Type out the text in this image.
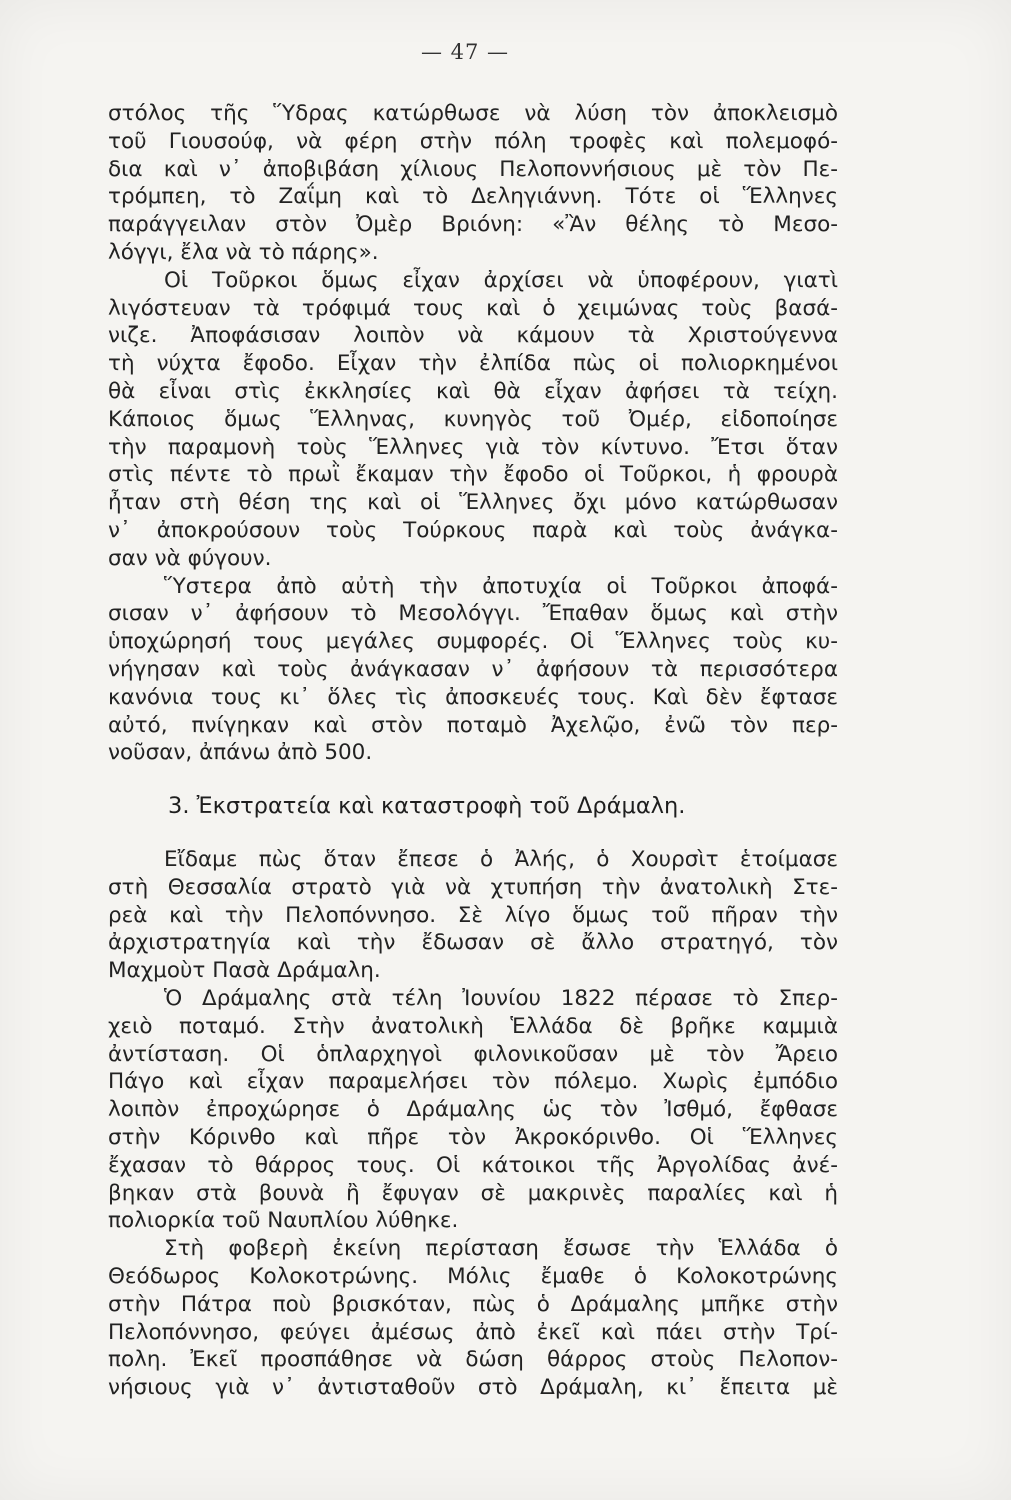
— 47 —
στόλος τῆς Ὕδρας κατώρθωσε νὰ λύση τὸν ἀποκλεισμὸ
τοῦ Γιουσούφ, νὰ φέρη στὴν πόλη τροφὲς καὶ πολεμοφό-
δια καὶ ν᾽ ἀποβιβάση χίλιους Πελοποννήσιους μὲ τὸν Πε-
τρόμπεη, τὸ Ζαΐμη καὶ τὸ Δεληγιάννη. Τότε οἱ Ἕλληνες
παράγγειλαν στὸν Ὀμὲρ Βριόνη: «Ἂν θέλης τὸ Μεσο-
λόγγι, ἔλα νὰ τὸ πάρης».
Οἱ Τοῦρκοι ὅμως εἶχαν ἀρχίσει νὰ ὑποφέρουν, γιατὶ
λιγόστευαν τὰ τρόφιμά τους καὶ ὁ χειμώνας τοὺς βασά-
νιζε. Ἀποφάσισαν λοιπὸν νὰ κάμουν τὰ Χριστούγεννα
τὴ νύχτα ἔφοδο. Εἶχαν τὴν ἐλπίδα πὼς οἱ πολιορκημένοι
θὰ εἶναι στὶς ἐκκλησίες καὶ θὰ εἶχαν ἀφήσει τὰ τείχη.
Κάποιος ὅμως Ἕλληνας, κυνηγὸς τοῦ Ὀμέρ, εἰδοποίησε
τὴν παραμονὴ τοὺς Ἕλληνες γιὰ τὸν κίντυνο. Ἔτσι ὅταν
στὶς πέντε τὸ πρωῒ ἔκαμαν τὴν ἔφοδο οἱ Τοῦρκοι, ἡ φρουρὰ
ἦταν στὴ θέση της καὶ οἱ Ἕλληνες ὄχι μόνο κατώρθωσαν
ν᾽ ἀποκρούσουν τοὺς Τούρκους παρὰ καὶ τοὺς ἀνάγκα-
σαν νὰ φύγουν.
Ὕστερα ἀπὸ αὐτὴ τὴν ἀποτυχία οἱ Τοῦρκοι ἀποφά-
σισαν ν᾽ ἀφήσουν τὸ Μεσολόγγι. Ἔπαθαν ὅμως καὶ στὴν
ὑποχώρησή τους μεγάλες συμφορές. Οἱ Ἕλληνες τοὺς κυ-
νήγησαν καὶ τοὺς ἀνάγκασαν ν᾽ ἀφήσουν τὰ περισσότερα
κανόνια τους κι᾽ ὅλες τὶς ἀποσκευές τους. Καὶ δὲν ἔφτασε
αὐτό, πνίγηκαν καὶ στὸν ποταμὸ Ἀχελῷο, ἐνῶ τὸν περ-
νοῦσαν, ἀπάνω ἀπὸ 500.
3. Ἐκστρατεία καὶ καταστροφὴ τοῦ Δράμαλη.
Εἴδαμε πὼς ὅταν ἔπεσε ὁ Ἀλής, ὁ Χουρσὶτ ἑτοίμασε
στὴ Θεσσαλία στρατὸ γιὰ νὰ χτυπήση τὴν ἀνατολικὴ Στε-
ρεὰ καὶ τὴν Πελοπόννησο. Σὲ λίγο ὅμως τοῦ πῆραν τὴν
ἀρχιστρατηγία καὶ τὴν ἔδωσαν σὲ ἄλλο στρατηγό, τὸν
Μαχμοὺτ Πασὰ Δράμαλη.
Ὁ Δράμαλης στὰ τέλη Ἰουνίου 1822 πέρασε τὸ Σπερ-
χειὸ ποταμό. Στὴν ἀνατολικὴ Ἑλλάδα δὲ βρῆκε καμμιὰ
ἀντίσταση. Οἱ ὁπλαρχηγοὶ φιλονικοῦσαν μὲ τὸν Ἄρειο
Πάγο καὶ εἶχαν παραμελήσει τὸν πόλεμο. Χωρὶς ἐμπόδιο
λοιπὸν ἐπροχώρησε ὁ Δράμαλης ὡς τὸν Ἰσθμό, ἔφθασε
στὴν Κόρινθο καὶ πῆρε τὸν Ἀκροκόρινθο. Οἱ Ἕλληνες
ἔχασαν τὸ θάρρος τους. Οἱ κάτοικοι τῆς Ἀργολίδας ἀνέ-
βηκαν στὰ βουνὰ ἢ ἔφυγαν σὲ μακρινὲς παραλίες καὶ ἡ
πολιορκία τοῦ Ναυπλίου λύθηκε.
Στὴ φοβερὴ ἐκείνη περίσταση ἔσωσε τὴν Ἑλλάδα ὁ
Θεόδωρος Κολοκοτρώνης. Μόλις ἔμαθε ὁ Κολοκοτρώνης
στὴν Πάτρα ποὺ βρισκόταν, πὼς ὁ Δράμαλης μπῆκε στὴν
Πελοπόννησο, φεύγει ἀμέσως ἀπὸ ἐκεῖ καὶ πάει στὴν Τρί-
πολη. Ἐκεῖ προσπάθησε νὰ δώση θάρρος στοὺς Πελοπον-
νήσιους γιὰ ν᾽ ἀντισταθοῦν στὸ Δράμαλη, κι᾽ ἔπειτα μὲ
